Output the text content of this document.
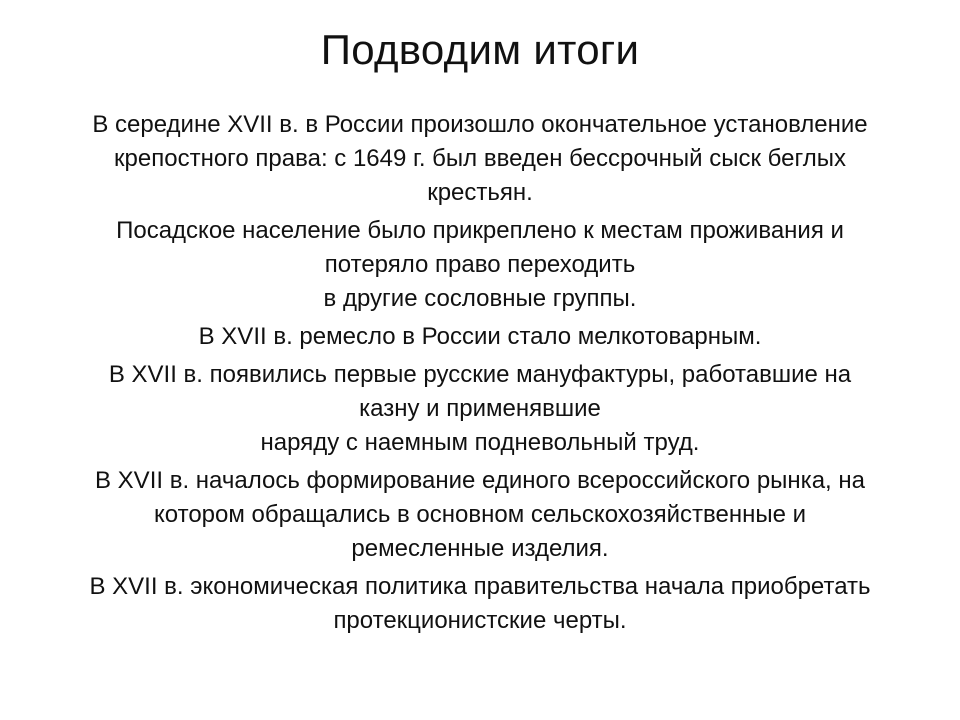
Подводим итоги

В середине XVII в. в России произошло окончательное установление
крепостного права: с 1649 г. был введен бессрочный сыск беглых
крестьян.

Посадское население было прикреплено к местам проживания и
потеряло право переходить
в другие сословные группы.

В XVII в. ремесло в России стало мелкотоварным.

В XVII в. появились первые русские мануфактуры, работавшие на
казну и применявшие
наряду с наемным подневольный труд.

В XVII в. началось формирование единого всероссийского рынка, на
котором обращались в основном сельскохозяйственные и
ремесленные изделия.

В XVII в. экономическая политика правительства начала приобретать
протекционистские черты.
